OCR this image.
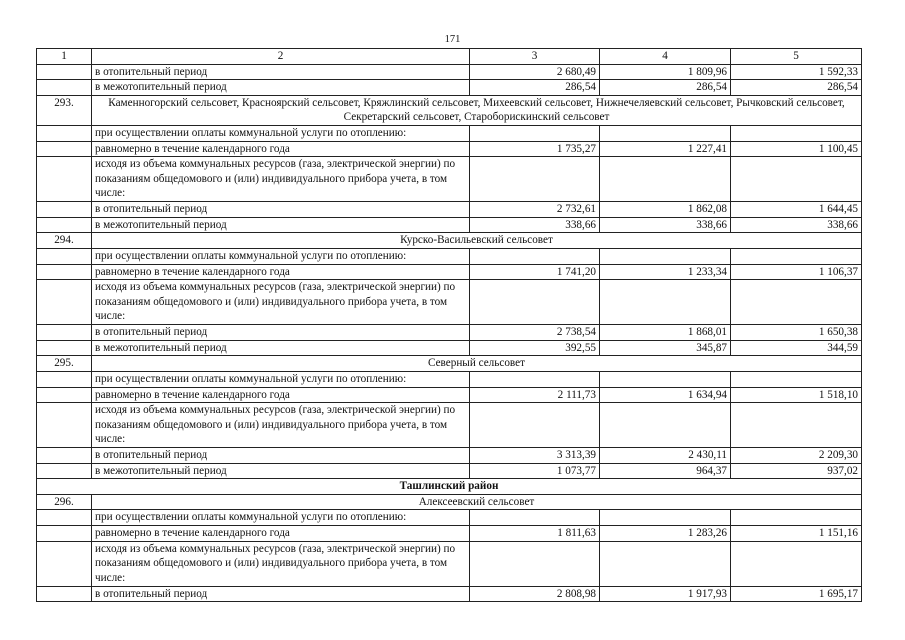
171
1	2	3	4	5
	в отопительный период	2 680,49	1 809,96	1 592,33
	в межотопительный период	286,54	286,54	286,54
293.	Каменногорский сельсовет, Красноярский сельсовет, Кряжлинский сельсовет, Михеевский сельсовет, Нижнечеляевский сельсовет, Рычковский сельсовет, Секретарский сельсовет, Староборискинский сельсовет			
	при осуществлении оплаты коммунальной услуги по отоплению:			
	равномерно в течение календарного года	1 735,27	1 227,41	1 100,45
	исходя из объема коммунальных ресурсов (газа, электрической энергии) по показаниям общедомового и (или) индивидуального прибора учета, в том числе:			
	в отопительный период	2 732,61	1 862,08	1 644,45
	в межотопительный период	338,66	338,66	338,66
294.	Курско-Васильевский сельсовет			
	при осуществлении оплаты коммунальной услуги по отоплению:			
	равномерно в течение календарного года	1 741,20	1 233,34	1 106,37
	исходя из объема коммунальных ресурсов (газа, электрической энергии) по показаниям общедомового и (или) индивидуального прибора учета, в том числе:			
	в отопительный период	2 738,54	1 868,01	1 650,38
	в межотопительный период	392,55	345,87	344,59
295.	Северный сельсовет			
	при осуществлении оплаты коммунальной услуги по отоплению:			
	равномерно в течение календарного года	2 111,73	1 634,94	1 518,10
	исходя из объема коммунальных ресурсов (газа, электрической энергии) по показаниям общедомового и (или) индивидуального прибора учета, в том числе:			
	в отопительный период	3 313,39	2 430,11	2 209,30
	в межотопительный период	1 073,77	964,37	937,02
Ташлинский район				
296.	Алексеевский сельсовет			
	при осуществлении оплаты коммунальной услуги по отоплению:			
	равномерно в течение календарного года	1 811,63	1 283,26	1 151,16
	исходя из объема коммунальных ресурсов (газа, электрической энергии) по показаниям общедомового и (или) индивидуального прибора учета, в том числе:			
	в отопительный период	2 808,98	1 917,93	1 695,17
